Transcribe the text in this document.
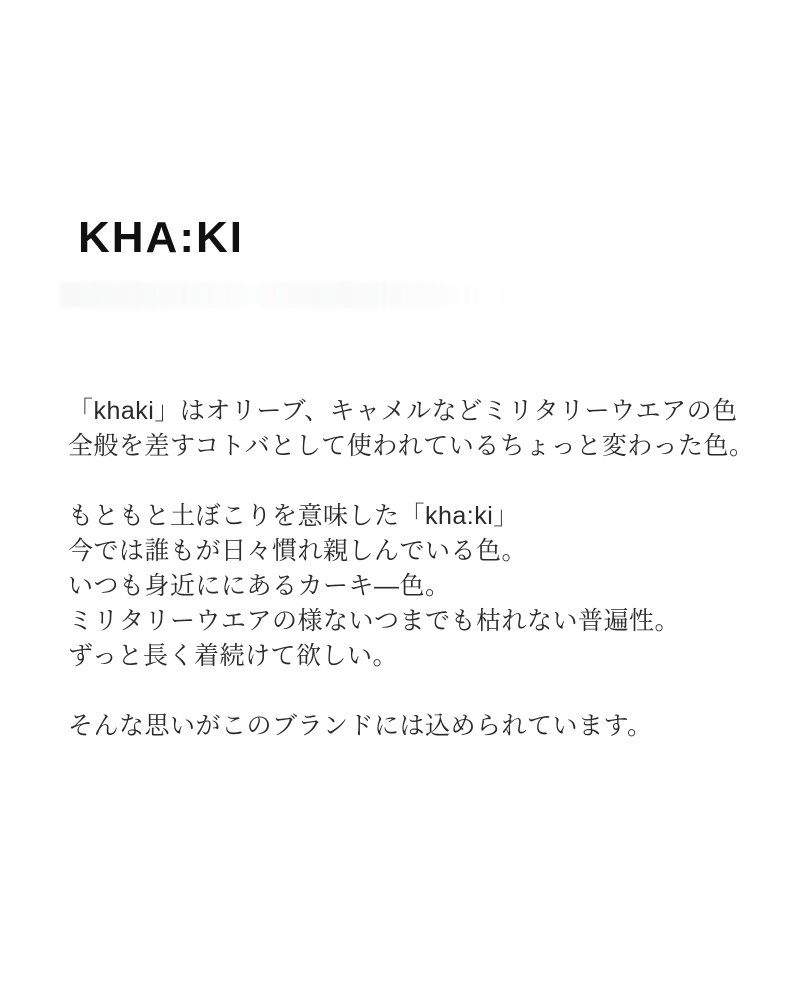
KHA:KI
「khaki」はオリーブ、キャメルなどミリタリーウエアの色
全般を差すコトバとして使われているちょっと変わった色。
もともと土ぼこりを意味した「kha:ki」
今では誰もが日々慣れ親しんでいる色。
いつも身近ににあるカーキ―色。
ミリタリーウエアの様ないつまでも枯れない普遍性。
ずっと長く着続けて欲しい。
そんな思いがこのブランドには込められています。
